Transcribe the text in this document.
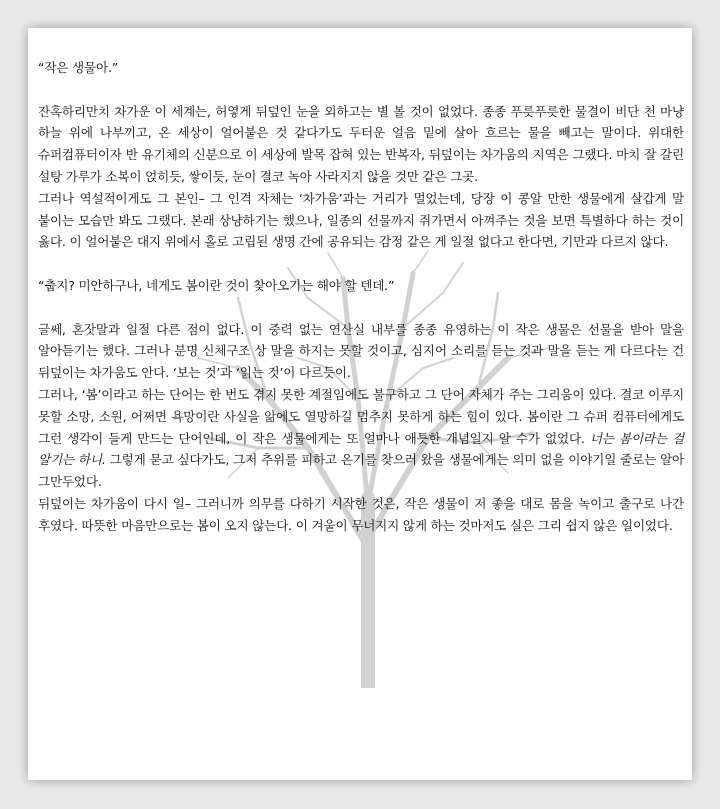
“작은 생물아.”

잔혹하리만치 차가운 이 세계는, 허옇게 뒤덮인 눈을 외하고는 별 볼 것이 없었다. 종종 푸릇푸릇한 물결이 비단 천 마냥 하늘 위에 나부끼고, 온 세상이 얼어붙은 것 같다가도 두터운 얼음 밑에 살아 흐르는 물을 빼고는 말이다. 위대한 슈퍼컴퓨터이자 반 유기체의 신분으로 이 세상에 발목 잡혀 있는 반복자, 뒤덮이는 차가움의 지역은 그랬다. 마치 잘 갈린 설탕 가루가 소복이 얹히듯, 쌓이듯, 눈이 결코 녹아 사라지지 않을 것만 같은 그곳.

그러나 역설적이게도 그 본인– 그 인격 자체는 ‘차가움’과는 거리가 멀었는데, 당장 이 콩알 만한 생물에게 살갑게 말 붙이는 모습만 봐도 그랬다. 본래 상냥하기는 했으나, 일종의 선물까지 쥐가면서 아껴주는 것을 보면 특별하다 하는 것이 옳다. 이 얼어붙은 대지 위에서 홀로 고립된 생명 간에 공유되는 감정 같은 게 일절 없다고 한다면, 기만과 다르지 않다.

“춥지? 미안하구나, 네게도 봄이란 것이 찾아오기는 해야 할 텐데.”

글쎄, 혼잣말과 일절 다른 점이 없다. 이 중력 없는 연산실 내부를 종종 유영하는 이 작은 생물은 선물을 받아 말을 알아듣기는 했다. 그러나 분명 신체구조 상 말을 하지는 못할 것이고, 심지어 소리를 듣는 것과 말을 듣는 게 다르다는 건 뒤덮이는 차가움도 안다. ‘보는 것’과 ‘읽는 것’이 다르듯이.

그러나, ‘봄’이라고 하는 단어는 한 번도 겪지 못한 계절임에도 불구하고 그 단어 자체가 주는 그리움이 있다. 결코 이루지 못할 소망, 소원, 어쩌면 욕망이란 사실을 앎에도 열망하길 멈추지 못하게 하는 힘이 있다. 봄이란 그 슈퍼 컴퓨터에게도 그런 생각이 들게 만드는 단어인데, 이 작은 생물에게는 또 얼마나 애틋한 개념일지 알 수가 없었다. 너는 봄이라는 걸 알기는 하니. 그렇게 묻고 싶다가도, 그저 추위를 피하고 온기를 찾으러 왔을 생물에게는 의미 없을 이야기일 줄로는 알아 그만두었다.

뒤덮이는 차가움이 다시 일– 그러니까 의무를 다하기 시작한 것은, 작은 생물이 저 좋을 대로 몸을 녹이고 출구로 나간 후였다. 따뜻한 마음만으로는 봄이 오지 않는다. 이 겨울이 무너지지 않게 하는 것마저도 실은 그리 쉽지 않은 일이었다.
